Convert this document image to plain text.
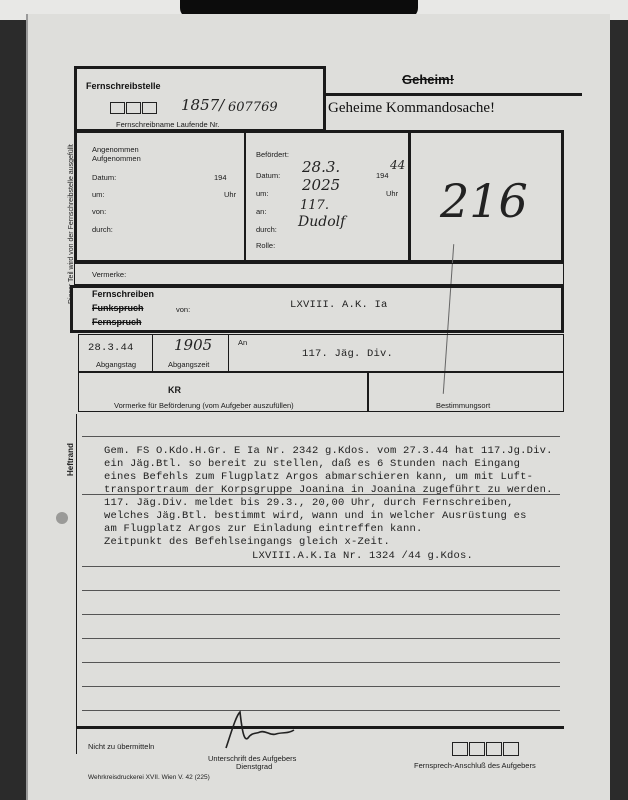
Dieser Teil wird von der Fernschreibstelle ausgefüllt
Heftrand
Fernschreibstelle
1857/ 607769
Fernschreibname Laufende Nr.
Geheim!
Geheime Kommandosache!
Angenommen
Aufgenommen
Datum:	194
um:	Uhr
von:
durch:
Befördert:
Datum: 28.3.	194
44
um: 2025	Uhr
an:	117.
durch: Dudolf
Rolle:
216
Vermerke:
Fernschreiben
Funkspruch
Fernspruch
von:	LXVIII. A.K. Ia
28.3.44
Abgangstag
1905
Abgangszeit
An
117. Jäg. Div.
KR
Vormerke für Beförderung (vom Aufgeber auszufüllen)	Bestimmungsort
Gem. FS O.Kdo.H.Gr. E Ia Nr. 2342 g.Kdos. vom 27.3.44 hat 117.Jg.Div.
ein Jäg.Btl. so bereit zu stellen, daß es 6 Stunden nach Eingang
eines Befehls zum Flugplatz Argos abmarschieren kann, um mit Luft-
transportraum der Korpsgruppe Joanina in Joanina zugeführt zu werden.
117. Jäg.Div. meldet bis 29.3., 20,00 Uhr, durch Fernschreiben,
welches Jäg.Btl. bestimmt wird, wann und in welcher Ausrüstung es
am Flugplatz Argos zur Einladung eintreffen kann.
Zeitpunkt des Befehlseingangs gleich x-Zeit.
LXVIII.A.K.Ia Nr. 1324 /44 g.Kdos.
Nicht zu übermitteln
Unterschrift des Aufgebers
Dienstgrad	Fernsprech-Anschluß des Aufgebers
Wehrkreisdruckerei XVII. Wien V. 42 (225)
